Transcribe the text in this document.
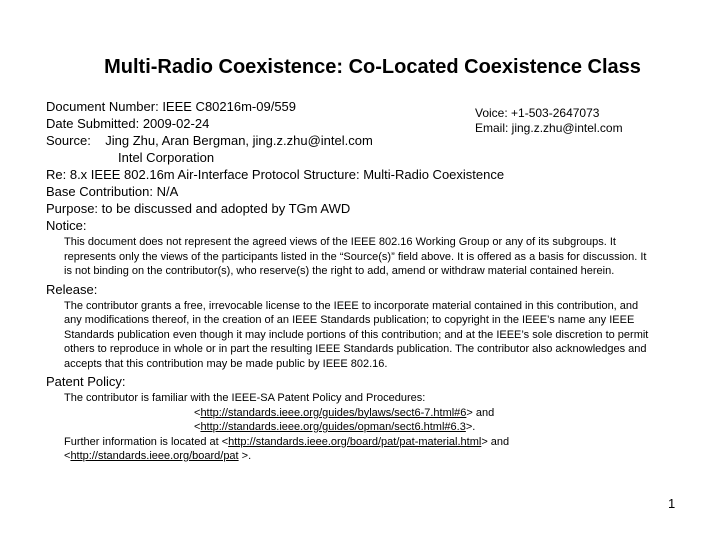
Multi-Radio Coexistence: Co-Located Coexistence Class
Voice: +1-503-2647073
Email: jing.z.zhu@intel.com
Document Number: IEEE C80216m-09/559
Date Submitted: 2009-02-24
Source:    Jing Zhu, Aran Bergman, jing.z.zhu@intel.com
Intel Corporation
Re: 8.x IEEE 802.16m Air-Interface Protocol Structure: Multi-Radio Coexistence
Base Contribution: N/A
Purpose: to be discussed and adopted by TGm AWD
Notice:
This document does not represent the agreed views of the IEEE 802.16 Working Group or any of its subgroups. It
represents only the views of the participants listed in the “Source(s)” field above. It is offered as a basis for discussion. It
is not binding on the contributor(s), who reserve(s) the right to add, amend or withdraw material contained herein.
Release:
The contributor grants a free, irrevocable license to the IEEE to incorporate material contained in this contribution, and
any modifications thereof, in the creation of an IEEE Standards publication; to copyright in the IEEE’s name any IEEE
Standards publication even though it may include portions of this contribution; and at the IEEE’s sole discretion to permit
others to reproduce in whole or in part the resulting IEEE Standards publication. The contributor also acknowledges and
accepts that this contribution may be made public by IEEE 802.16.
Patent Policy:
The contributor is familiar with the IEEE-SA Patent Policy and Procedures:
<http://standards.ieee.org/guides/bylaws/sect6-7.html#6> and
<http://standards.ieee.org/guides/opman/sect6.html#6.3>.
Further information is located at <http://standards.ieee.org/board/pat/pat-material.html> and
<http://standards.ieee.org/board/pat >.
1
